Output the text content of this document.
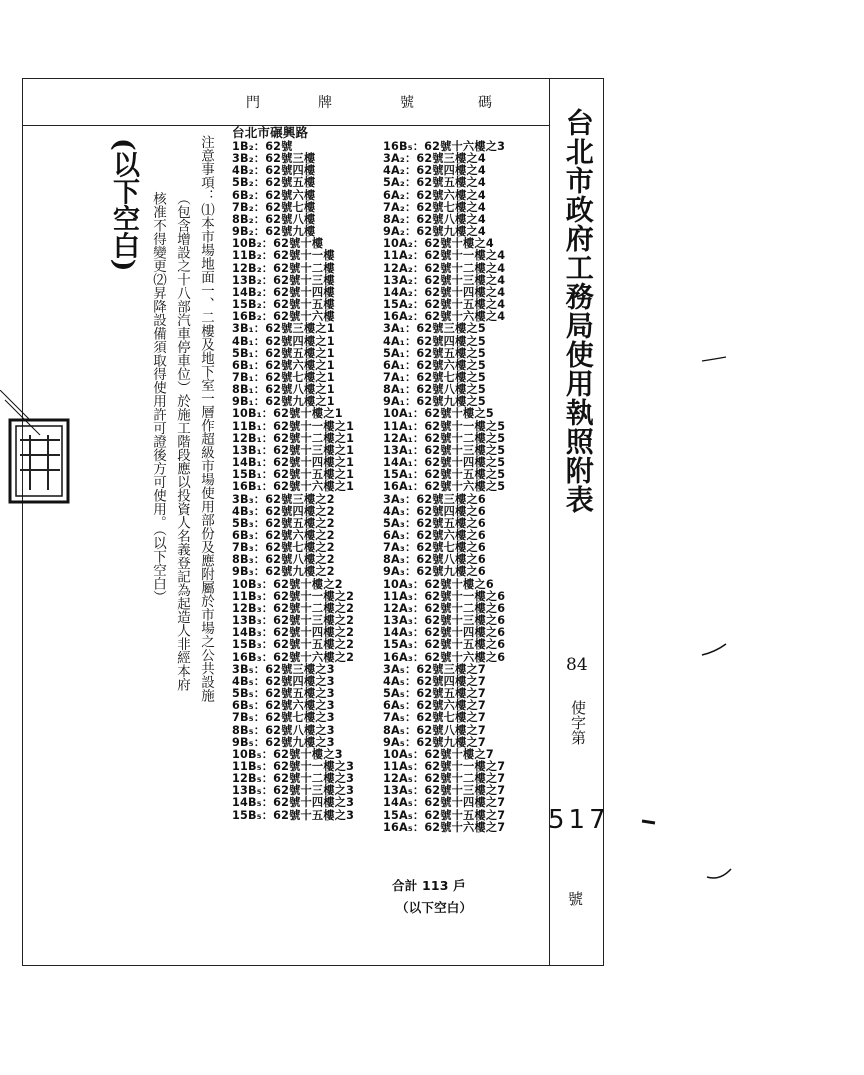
門	牌	號	碼
台北市政府工務局使用執照附表
84
使字第
517
號
(以下空白)	注意事項：⑴本市場地面一、二樓及地下室一層作超級市場使用部份及應附屬於市場之公共設施
（包含增設之十八部汽車停車位）於施工階段應以投資人名義登記為起造人非經本府
核准不得變更⑵昇降設備須取得使用許可證後方可使用。（以下空白）
台北市碾興路
1B₂：62號
3B₂：62號三樓
4B₂：62號四樓
5B₂：62號五樓
6B₂：62號六樓
7B₂：62號七樓
8B₂：62號八樓
9B₂：62號九樓
10B₂：62號十樓
11B₂：62號十一樓
12B₂：62號十二樓
13B₂：62號十三樓
14B₂：62號十四樓
15B₂：62號十五樓
16B₂：62號十六樓
3B₁：62號三樓之1
4B₁：62號四樓之1
5B₁：62號五樓之1
6B₁：62號六樓之1
7B₁：62號七樓之1
8B₁：62號八樓之1
9B₁：62號九樓之1
10B₁：62號十樓之1
11B₁：62號十一樓之1
12B₁：62號十二樓之1
13B₁：62號十三樓之1
14B₁：62號十四樓之1
15B₁：62號十五樓之1
16B₁：62號十六樓之1
3B₃：62號三樓之2
4B₃：62號四樓之2
5B₃：62號五樓之2
6B₃：62號六樓之2
7B₃：62號七樓之2
8B₃：62號八樓之2
9B₃：62號九樓之2
10B₃：62號十樓之2
11B₃：62號十一樓之2
12B₃：62號十二樓之2
13B₃：62號十三樓之2
14B₃：62號十四樓之2
15B₃：62號十五樓之2
16B₃：62號十六樓之2
3B₅：62號三樓之3
4B₅：62號四樓之3
5B₅：62號五樓之3
6B₅：62號六樓之3
7B₅：62號七樓之3
8B₅：62號八樓之3
9B₅：62號九樓之3
10B₅：62號十樓之3
11B₅：62號十一樓之3
12B₅：62號十二樓之3
13B₅：62號十三樓之3
14B₅：62號十四樓之3
15B₅：62號十五樓之3
16B₅：62號十六樓之3
3A₂：62號三樓之4
4A₂：62號四樓之4
5A₂：62號五樓之4
6A₂：62號六樓之4
7A₂：62號七樓之4
8A₂：62號八樓之4
9A₂：62號九樓之4
10A₂：62號十樓之4
11A₂：62號十一樓之4
12A₂：62號十二樓之4
13A₂：62號十三樓之4
14A₂：62號十四樓之4
15A₂：62號十五樓之4
16A₂：62號十六樓之4
3A₁：62號三樓之5
4A₁：62號四樓之5
5A₁：62號五樓之5
6A₁：62號六樓之5
7A₁：62號七樓之5
8A₁：62號八樓之5
9A₁：62號九樓之5
10A₁：62號十樓之5
11A₁：62號十一樓之5
12A₁：62號十二樓之5
13A₁：62號十三樓之5
14A₁：62號十四樓之5
15A₁：62號十五樓之5
16A₁：62號十六樓之5
3A₃：62號三樓之6
4A₃：62號四樓之6
5A₃：62號五樓之6
6A₃：62號六樓之6
7A₃：62號七樓之6
8A₃：62號八樓之6
9A₃：62號九樓之6
10A₃：62號十樓之6
11A₃：62號十一樓之6
12A₃：62號十二樓之6
13A₃：62號十三樓之6
14A₃：62號十四樓之6
15A₃：62號十五樓之6
16A₃：62號十六樓之6
3A₅：62號三樓之7
4A₅：62號四樓之7
5A₅：62號五樓之7
6A₅：62號六樓之7
7A₅：62號七樓之7
8A₅：62號八樓之7
9A₅：62號九樓之7
10A₅：62號十樓之7
11A₅：62號十一樓之7
12A₅：62號十二樓之7
13A₅：62號十三樓之7
14A₅：62號十四樓之7
15A₅：62號十五樓之7
16A₅：62號十六樓之7
合計 113 戶
（以下空白）
